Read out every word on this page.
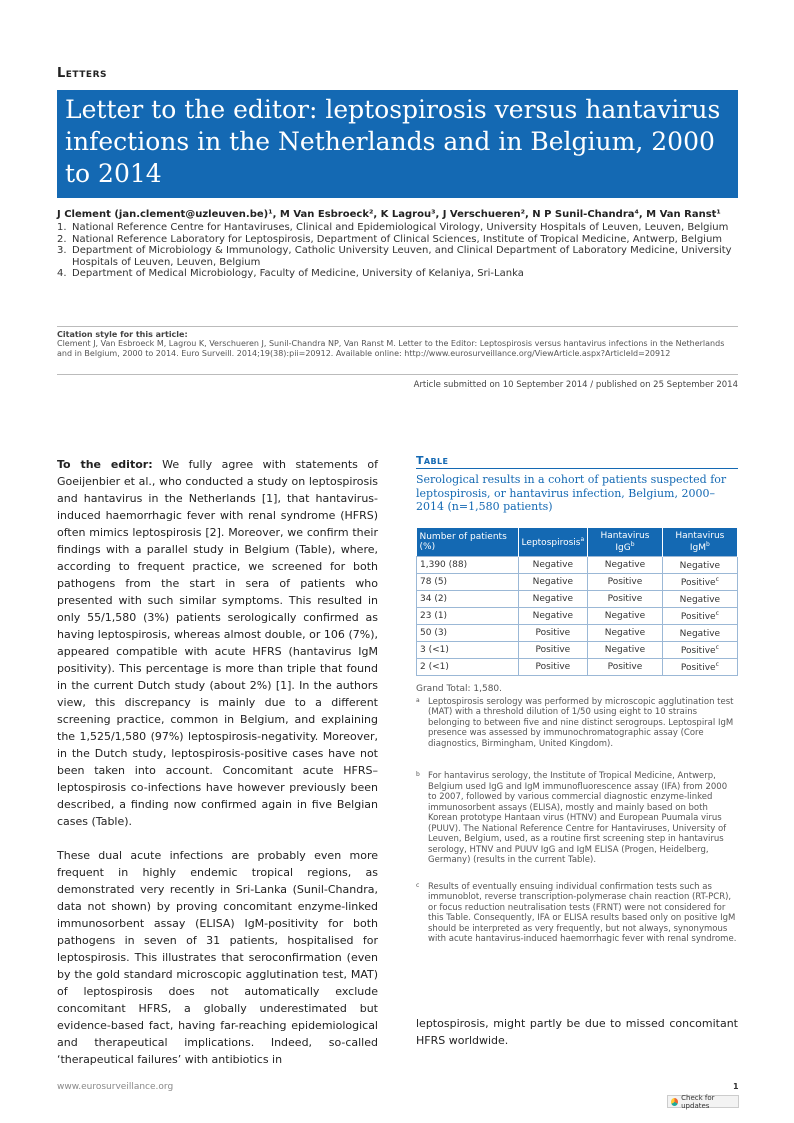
Letters
Letter to the editor: leptospirosis versus hantavirus infections in the Netherlands and in Belgium, 2000 to 2014
J Clement (jan.clement@uzleuven.be)¹, M Van Esbroeck², K Lagrou³, J Verschueren², N P Sunil-Chandra⁴, M Van Ranst¹
1. National Reference Centre for Hantaviruses, Clinical and Epidemiological Virology, University Hospitals of Leuven, Leuven, Belgium
2. National Reference Laboratory for Leptospirosis, Department of Clinical Sciences, Institute of Tropical Medicine, Antwerp, Belgium
3. Department of Microbiology & Immunology, Catholic University Leuven, and Clinical Department of Laboratory Medicine, University Hospitals of Leuven, Leuven, Belgium
4. Department of Medical Microbiology, Faculty of Medicine, University of Kelaniya, Sri-Lanka
Citation style for this article:
Clement J, Van Esbroeck M, Lagrou K, Verschueren J, Sunil-Chandra NP, Van Ranst M. Letter to the Editor: Leptospirosis versus hantavirus infections in the Netherlands and in Belgium, 2000 to 2014. Euro Surveill. 2014;19(38):pii=20912. Available online: http://www.eurosurveillance.org/ViewArticle.aspx?ArticleId=20912
Article submitted on 10 September 2014 / published on 25 September 2014

To the editor: We fully agree with statements of Goeijenbier et al., who conducted a study on leptospirosis and hantavirus in the Netherlands [1], that hantavirus-induced haemorrhagic fever with renal syndrome (HFRS) often mimics leptospirosis [2]. Moreover, we confirm their findings with a parallel study in Belgium (Table), where, according to frequent practice, we screened for both pathogens from the start in sera of patients who presented with such similar symptoms. This resulted in only 55/1,580 (3%) patients serologically confirmed as having leptospirosis, whereas almost double, or 106 (7%), appeared compatible with acute HFRS (hantavirus IgM positivity). This percentage is more than triple that found in the current Dutch study (about 2%) [1]. In the authors view, this discrepancy is mainly due to a different screening practice, common in Belgium, and explaining the 1,525/1,580 (97%) leptospirosis-negativity. Moreover, in the Dutch study, leptospirosis-positive cases have not been taken into account. Concomitant acute HFRS–leptospirosis co-infections have however previously been described, a finding now confirmed again in five Belgian cases (Table).

These dual acute infections are probably even more frequent in highly endemic tropical regions, as demonstrated very recently in Sri-Lanka (Sunil-Chandra, data not shown) by proving concomitant enzyme-linked immunosorbent assay (ELISA) IgM-positivity for both pathogens in seven of 31 patients, hospitalised for leptospirosis. This illustrates that seroconfirmation (even by the gold standard microscopic agglutination test, MAT) of leptospirosis does not automatically exclude concomitant HFRS, a globally underestimated but evidence-based fact, having far-reaching epidemiological and therapeutical implications. Indeed, so-called ‘therapeutical failures’ with antibiotics in

Table
Serological results in a cohort of patients suspected for leptospirosis, or hantavirus infection, Belgium, 2000–2014 (n=1,580 patients)
Number of patients (%)	Leptospirosis$^a$	Hantavirus IgG$^b$	Hantavirus IgM$^b$
1,390 (88)	Negative	Negative	Negative
78 (5)	Negative	Positive	Positive$^c$
34 (2)	Negative	Positive	Negative
23 (1)	Negative	Negative	Positive$^c$
50 (3)	Positive	Negative	Negative
3 (<1)	Positive	Negative	Positive$^c$
2 (<1)	Positive	Positive	Positive$^c$
Grand Total: 1,580.
a Leptospirosis serology was performed by microscopic agglutination test (MAT) with a threshold dilution of 1/50 using eight to 10 strains belonging to between five and nine distinct serogroups. Leptospiral IgM presence was assessed by immunochromatographic assay (Core diagnostics, Birmingham, United Kingdom).
b For hantavirus serology, the Institute of Tropical Medicine, Antwerp, Belgium used IgG and IgM immunofluorescence assay (IFA) from 2000 to 2007, followed by various commercial diagnostic enzyme-linked immunosorbent assays (ELISA), mostly and mainly based on both Korean prototype Hantaan virus (HTNV) and European Puumala virus (PUUV). The National Reference Centre for Hantaviruses, University of Leuven, Belgium, used, as a routine first screening step in hantavirus serology, HTNV and PUUV IgG and IgM ELISA (Progen, Heidelberg, Germany) (results in the current Table).
c Results of eventually ensuing individual confirmation tests such as immunoblot, reverse transcription-polymerase chain reaction (RT-PCR), or focus reduction neutralisation tests (FRNT) were not considered for this Table. Consequently, IFA or ELISA results based only on positive IgM should be interpreted as very frequently, but not always, synonymous with acute hantavirus-induced haemorrhagic fever with renal syndrome.
leptospirosis, might partly be due to missed concomitant HFRS worldwide.
www.eurosurveillance.org	1
Check for updates
